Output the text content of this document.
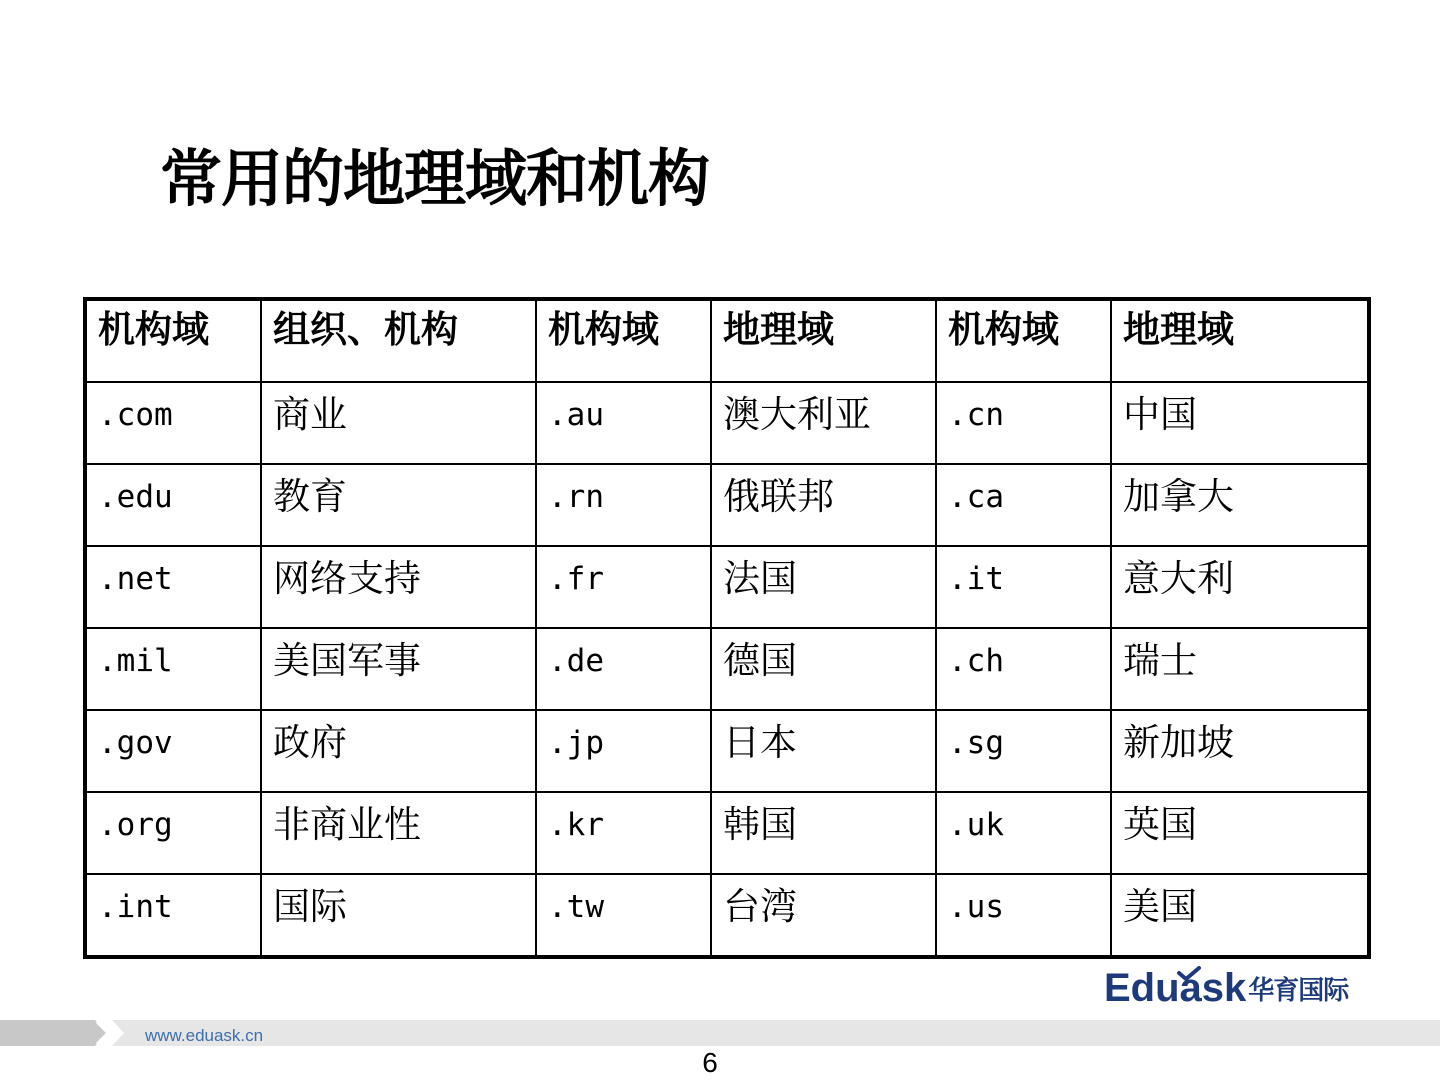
常用的地理域和机构
机构域	组织、机构	机构域	地理域	机构域	地理域
.com	商业	.au	澳大利亚	.cn	中国
.edu	教育	.rn	俄联邦	.ca	加拿大
.net	网络支持	.fr	法国	.it	意大利
.mil	美国军事	.de	德国	.ch	瑞士
.gov	政府	.jp	日本	.sg	新加坡
.org	非商业性	.kr	韩国	.uk	英国
.int	国际	.tw	台湾	.us	美国
www.eduask.cn
Eduask华育国际
6
